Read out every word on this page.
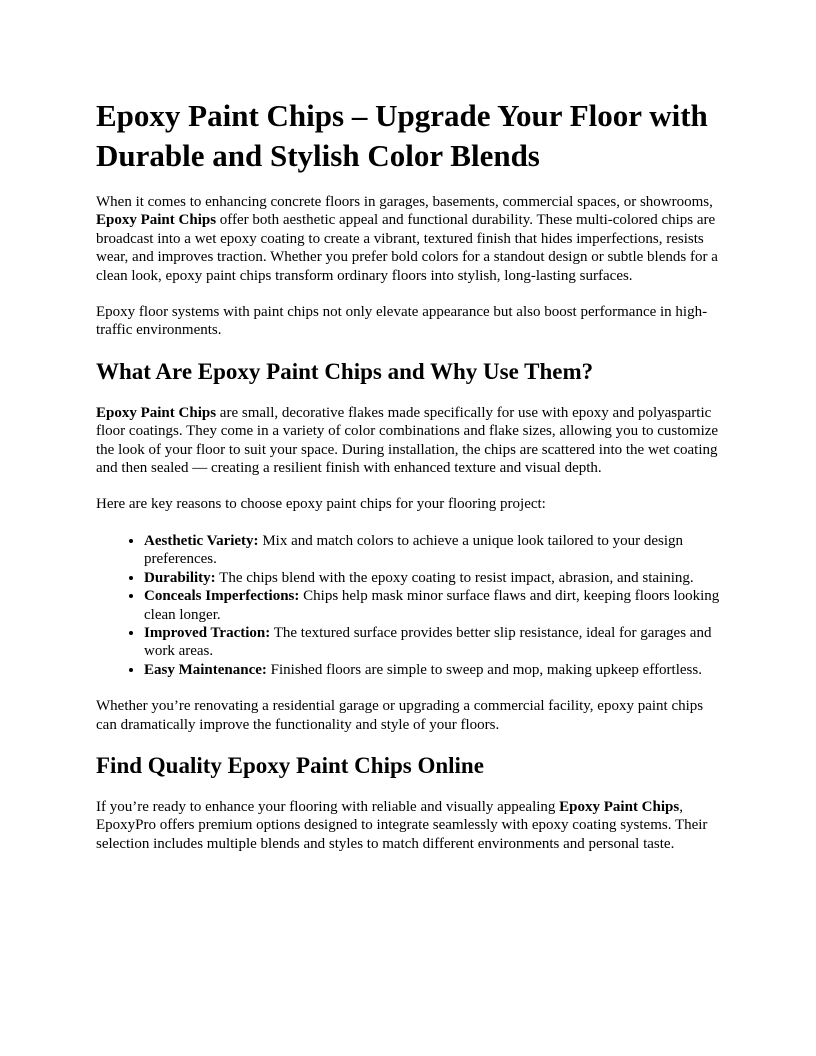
Epoxy Paint Chips – Upgrade Your Floor with Durable and Stylish Color Blends

When it comes to enhancing concrete floors in garages, basements, commercial spaces, or showrooms, Epoxy Paint Chips offer both aesthetic appeal and functional durability. These multi-colored chips are broadcast into a wet epoxy coating to create a vibrant, textured finish that hides imperfections, resists wear, and improves traction. Whether you prefer bold colors for a standout design or subtle blends for a clean look, epoxy paint chips transform ordinary floors into stylish, long-lasting surfaces.

Epoxy floor systems with paint chips not only elevate appearance but also boost performance in high-traffic environments.

What Are Epoxy Paint Chips and Why Use Them?

Epoxy Paint Chips are small, decorative flakes made specifically for use with epoxy and polyaspartic floor coatings. They come in a variety of color combinations and flake sizes, allowing you to customize the look of your floor to suit your space. During installation, the chips are scattered into the wet coating and then sealed — creating a resilient finish with enhanced texture and visual depth.

Here are key reasons to choose epoxy paint chips for your flooring project:

• Aesthetic Variety: Mix and match colors to achieve a unique look tailored to your design preferences.
• Durability: The chips blend with the epoxy coating to resist impact, abrasion, and staining.
• Conceals Imperfections: Chips help mask minor surface flaws and dirt, keeping floors looking clean longer.
• Improved Traction: The textured surface provides better slip resistance, ideal for garages and work areas.
• Easy Maintenance: Finished floors are simple to sweep and mop, making upkeep effortless.

Whether you’re renovating a residential garage or upgrading a commercial facility, epoxy paint chips can dramatically improve the functionality and style of your floors.

Find Quality Epoxy Paint Chips Online

If you’re ready to enhance your flooring with reliable and visually appealing Epoxy Paint Chips, EpoxyPro offers premium options designed to integrate seamlessly with epoxy coating systems. Their selection includes multiple blends and styles to match different environments and personal taste.
